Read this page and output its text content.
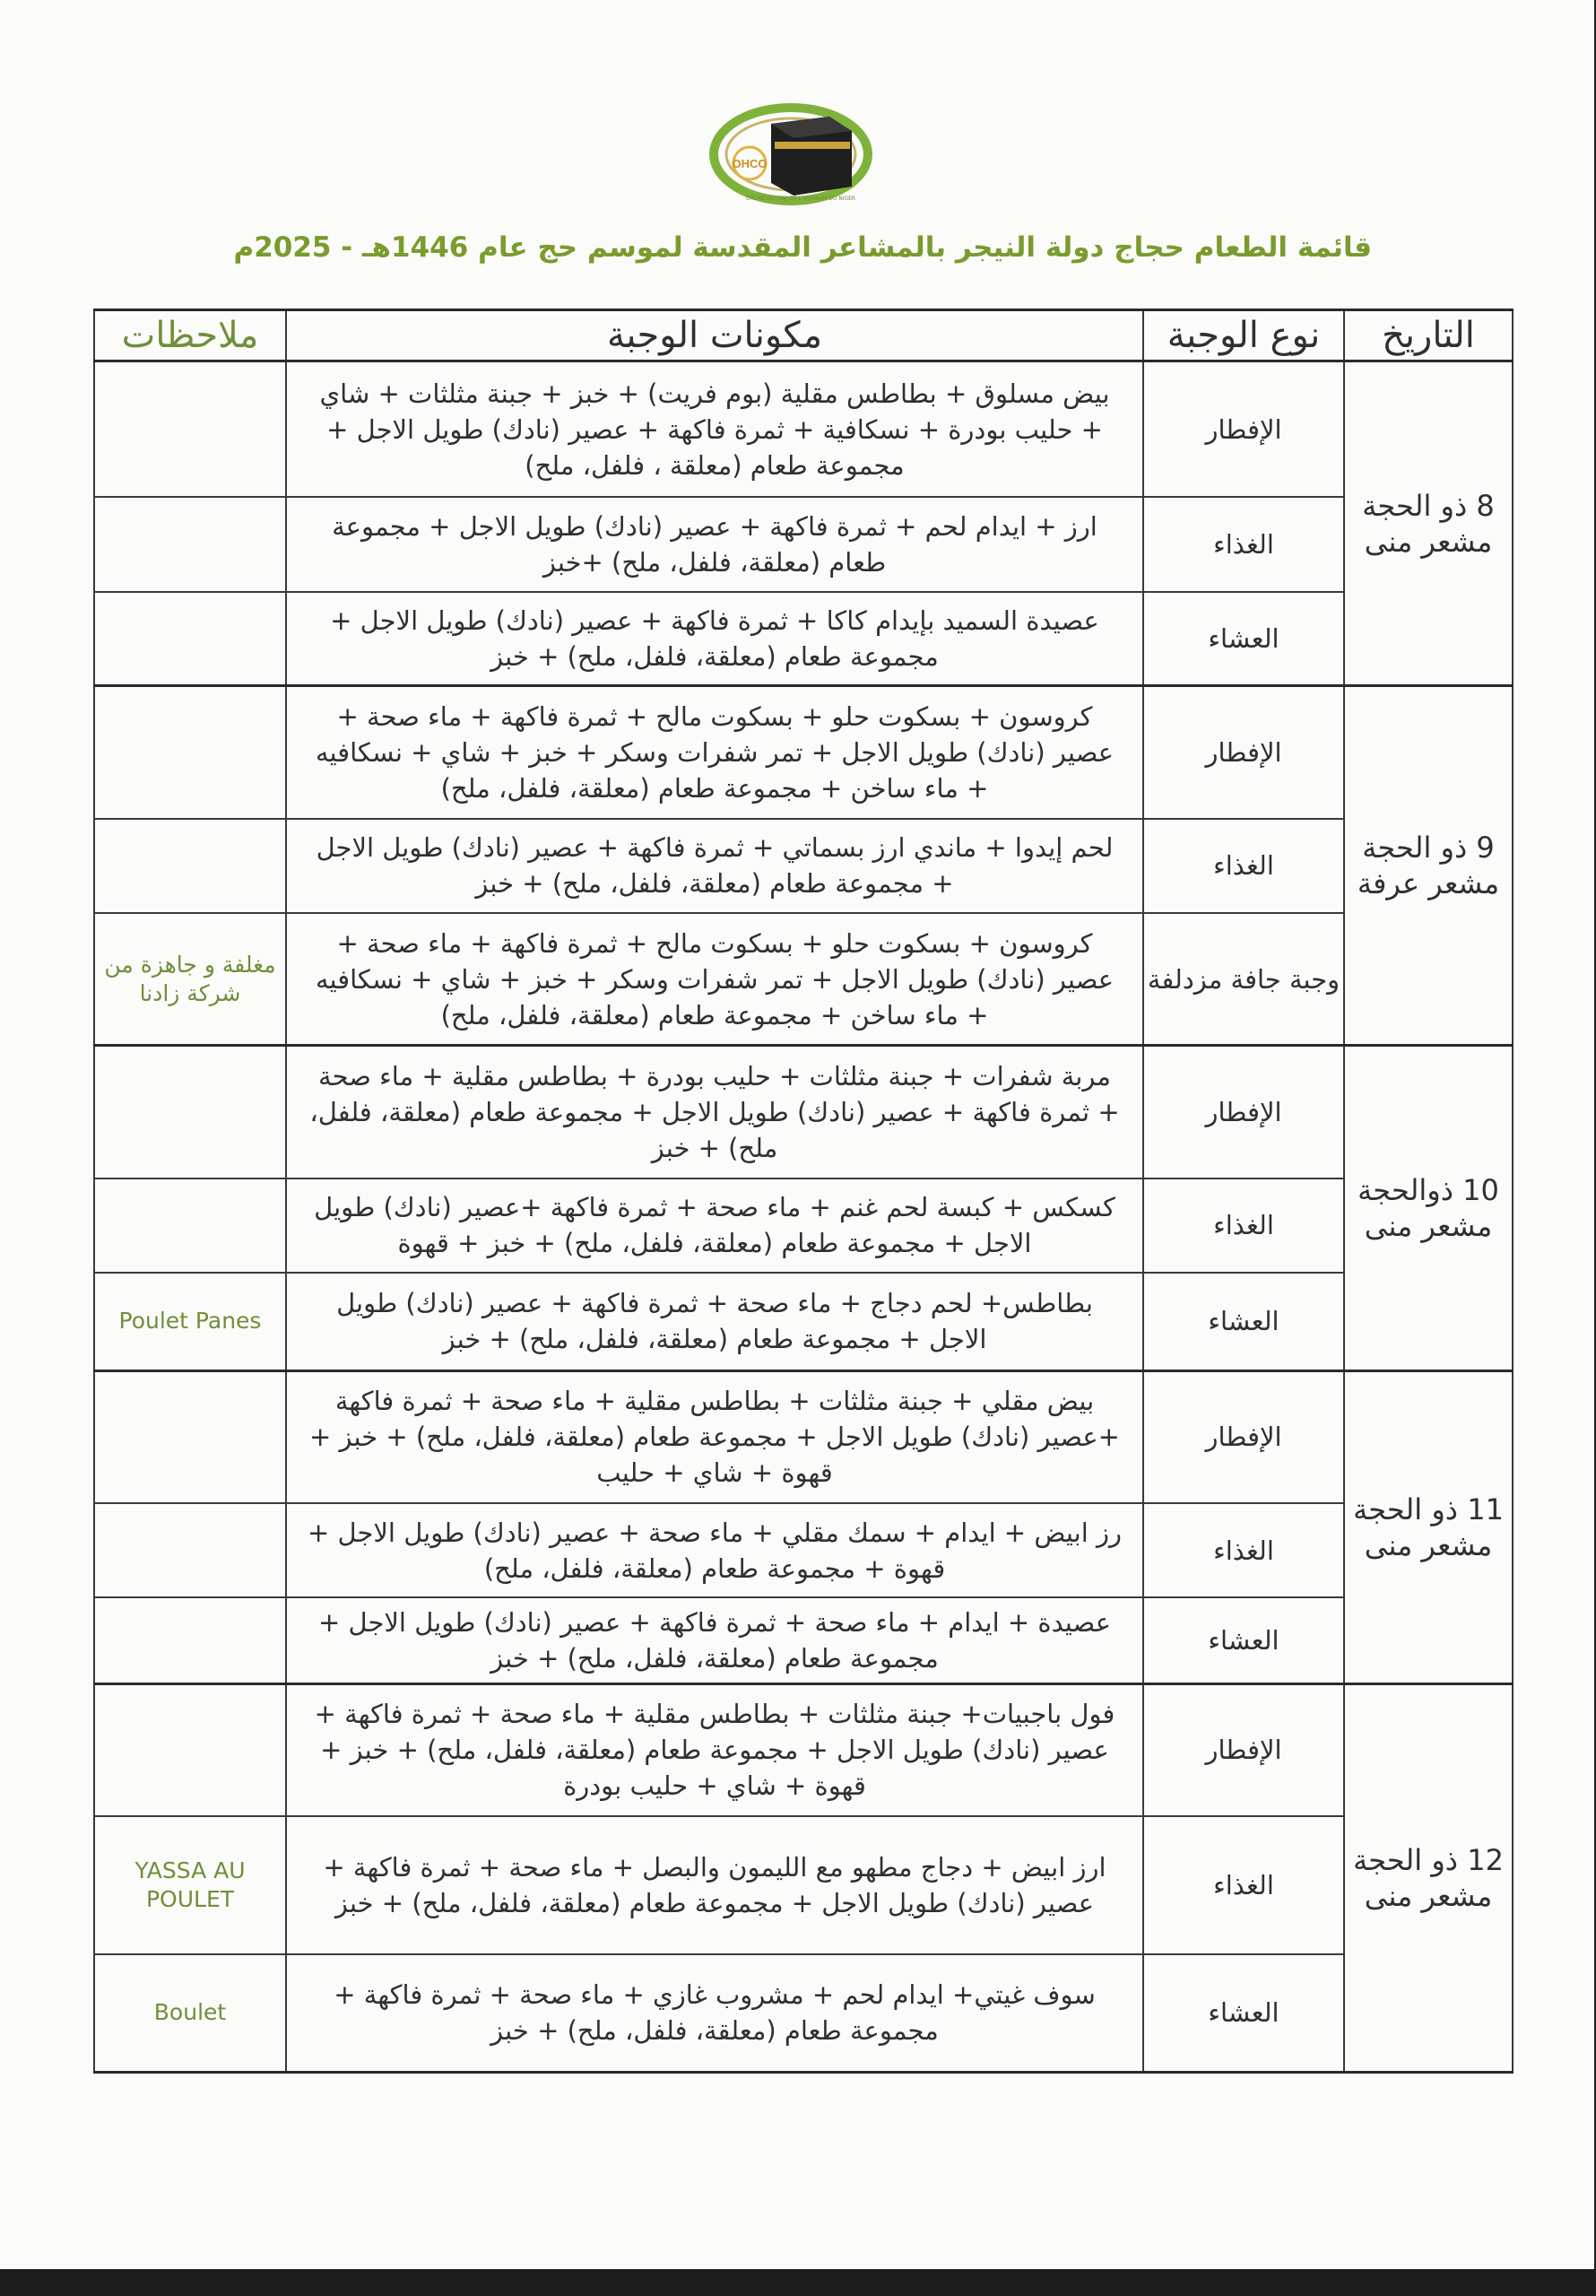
OHCO
ORDRE DU HAJJ DE L'OUMRAH DU NIGER
قائمة الطعام حجاج دولة النيجر بالمشاعر المقدسة لموسم حج عام 1446هـ - 2025م
التاريخ	نوع الوجبة	مكونات الوجبة	ملاحظات
8 ذو الحجة مشعر منى	الإفطار	بيض مسلوق + بطاطس مقلية (بوم فريت) + خبز + جبنة مثلثات + شاي + حليب بودرة + نسكافية + ثمرة فاكهة + عصير (نادك) طويل الاجل + مجموعة طعام (معلقة ، فلفل، ملح)	
	الغذاء	ارز + ايدام لحم + ثمرة فاكهة + عصير (نادك) طويل الاجل + مجموعة طعام (معلقة، فلفل، ملح) +خبز	
	العشاء	عصيدة السميد بإيدام كاكا + ثمرة فاكهة + عصير (نادك) طويل الاجل + مجموعة طعام (معلقة، فلفل، ملح) + خبز	
9 ذو الحجة مشعر عرفة	الإفطار	كروسون + بسكوت حلو + بسكوت مالح + ثمرة فاكهة + ماء صحة + عصير (نادك) طويل الاجل + تمر شفرات وسكر + خبز + شاي + نسكافيه + ماء ساخن + مجموعة طعام (معلقة، فلفل، ملح)	
	الغذاء	لحم إيدوا + ماندي ارز بسماتي + ثمرة فاكهة + عصير (نادك) طويل الاجل + مجموعة طعام (معلقة، فلفل، ملح) + خبز	
	وجبة جافة مزدلفة	كروسون + بسكوت حلو + بسكوت مالح + ثمرة فاكهة + ماء صحة + عصير (نادك) طويل الاجل + تمر شفرات وسكر + خبز + شاي + نسكافيه + ماء ساخن + مجموعة طعام (معلقة، فلفل، ملح)	مغلفة و جاهزة من شركة زادنا
10 ذوالحجة مشعر منى	الإفطار	مربة شفرات + جبنة مثلثات + حليب بودرة + بطاطس مقلية + ماء صحة + ثمرة فاكهة + عصير (نادك) طويل الاجل + مجموعة طعام (معلقة، فلفل، ملح) + خبز	
	الغذاء	كسكس + كبسة لحم غنم + ماء صحة + ثمرة فاكهة +عصير (نادك) طويل الاجل + مجموعة طعام (معلقة، فلفل، ملح) + خبز + قهوة	
	العشاء	بطاطس+ لحم دجاج + ماء صحة + ثمرة فاكهة + عصير (نادك) طويل الاجل + مجموعة طعام (معلقة، فلفل، ملح) + خبز	Poulet Panes
11 ذو الحجة مشعر منى	الإفطار	بيض مقلي + جبنة مثلثات + بطاطس مقلية + ماء صحة + ثمرة فاكهة +عصير (نادك) طويل الاجل + مجموعة طعام (معلقة، فلفل، ملح) + خبز + قهوة + شاي + حليب	
	الغذاء	رز ابيض + ايدام + سمك مقلي + ماء صحة + عصير (نادك) طويل الاجل + قهوة + مجموعة طعام (معلقة، فلفل، ملح)	
	العشاء	عصيدة + ايدام + ماء صحة + ثمرة فاكهة + عصير (نادك) طويل الاجل + مجموعة طعام (معلقة، فلفل، ملح) + خبز	
12 ذو الحجة مشعر منى	الإفطار	فول باجبيات+ جبنة مثلثات + بطاطس مقلية + ماء صحة + ثمرة فاكهة + عصير (نادك) طويل الاجل + مجموعة طعام (معلقة، فلفل، ملح) + خبز + قهوة + شاي + حليب بودرة	
	الغذاء	ارز ابيض + دجاج مطهو مع الليمون والبصل + ماء صحة + ثمرة فاكهة + عصير (نادك) طويل الاجل + مجموعة طعام (معلقة، فلفل، ملح) + خبز	YASSA AU POULET
	العشاء	سوف غيتي+ ايدام لحم + مشروب غازي + ماء صحة + ثمرة فاكهة + مجموعة طعام (معلقة، فلفل، ملح) + خبز	Boulet
